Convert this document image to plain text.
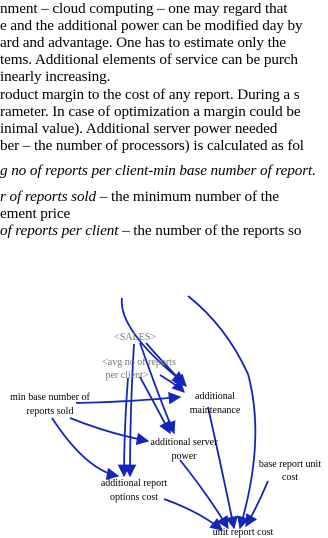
nment – cloud computing – one may regard that
e and the additional power can be modified day by
ard and advantage. One has to estimate only the
tems. Additional elements of service can be purch
inearly increasing.
roduct margin to the cost of any report. During a s
rameter. In case of optimization a margin could be
inimal value). Additional server power needed
ber – the number of processors) is calculated as fol
g no of reports per client-min base number of report.
r of reports sold – the minimum number of the
ement price
of reports per client – the number of the reports so
<SALES>
<avg no of reports
per client>
min base number of
reports sold
additional
maintenance
additional server
power
base report unit
cost
additional report
options cost
unit report cost
